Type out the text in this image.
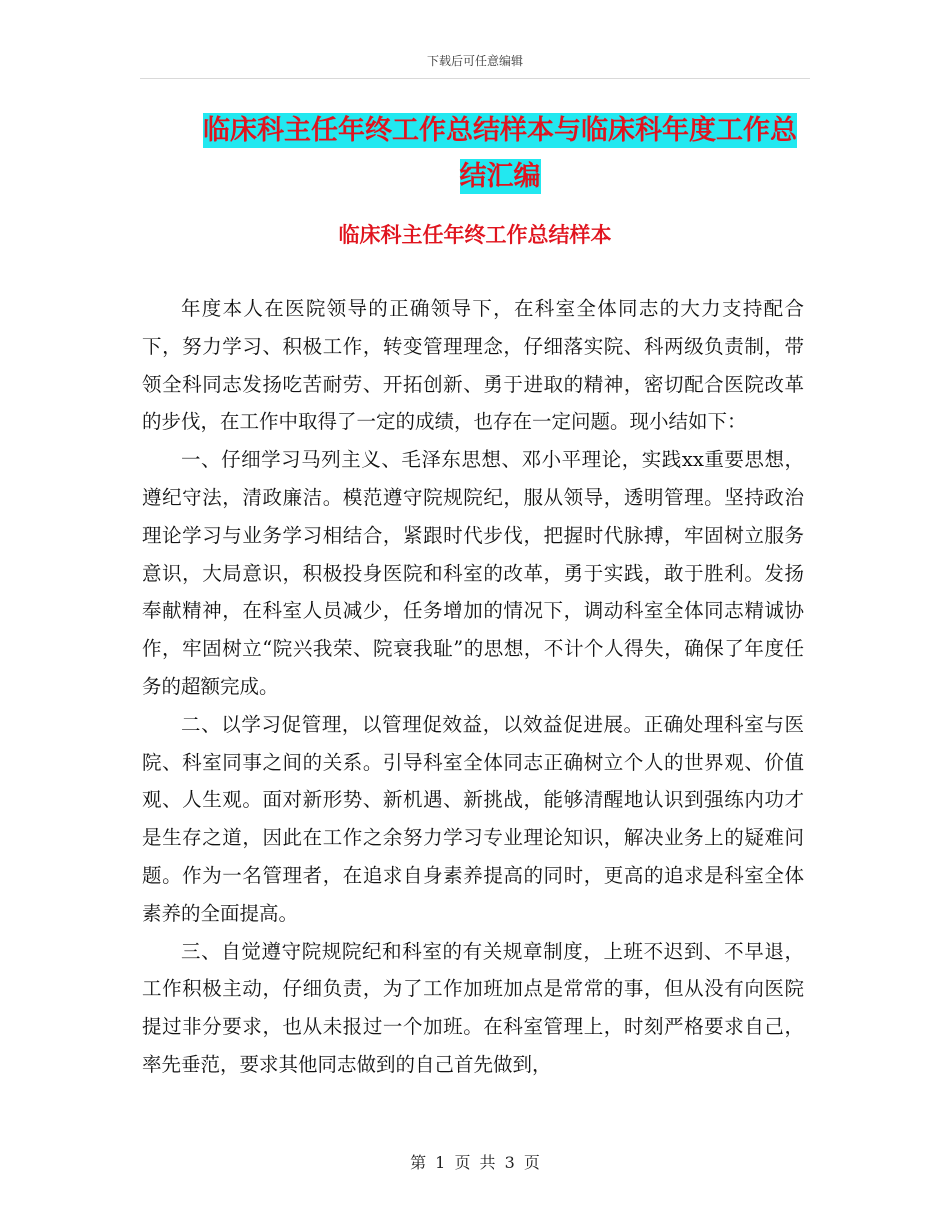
下载后可任意编辑
临床科主任年终工作总结样本与临床科年度工作总结汇编
临床科主任年终工作总结样本

年度本人在医院领导的正确领导下，在科室全体同志的大力支持配合下，努力学习、积极工作，转变管理理念，仔细落实院、科两级负责制，带领全科同志发扬吃苦耐劳、开拓创新、勇于进取的精神，密切配合医院改革的步伐，在工作中取得了一定的成绩，也存在一定问题。现小结如下：

一、仔细学习马列主义、毛泽东思想、邓小平理论，实践xx重要思想，遵纪守法，清政廉洁。模范遵守院规院纪，服从领导，透明管理。坚持政治理论学习与业务学习相结合，紧跟时代步伐，把握时代脉搏，牢固树立服务意识，大局意识，积极投身医院和科室的改革，勇于实践，敢于胜利。发扬奉献精神，在科室人员减少，任务增加的情况下，调动科室全体同志精诚协作，牢固树立“院兴我荣、院衰我耻”的思想，不计个人得失，确保了年度任务的超额完成。

二、以学习促管理，以管理促效益，以效益促进展。正确处理科室与医院、科室同事之间的关系。引导科室全体同志正确树立个人的世界观、价值观、人生观。面对新形势、新机遇、新挑战，能够清醒地认识到强练内功才是生存之道，因此在工作之余努力学习专业理论知识，解决业务上的疑难问题。作为一名管理者，在追求自身素养提高的同时，更高的追求是科室全体素养的全面提高。

三、自觉遵守院规院纪和科室的有关规章制度，上班不迟到、不早退，工作积极主动，仔细负责，为了工作加班加点是常常的事，但从没有向医院提过非分要求，也从未报过一个加班。在科室管理上，时刻严格要求自己，率先垂范，要求其他同志做到的自己首先做到，

第 1 页 共 3 页
